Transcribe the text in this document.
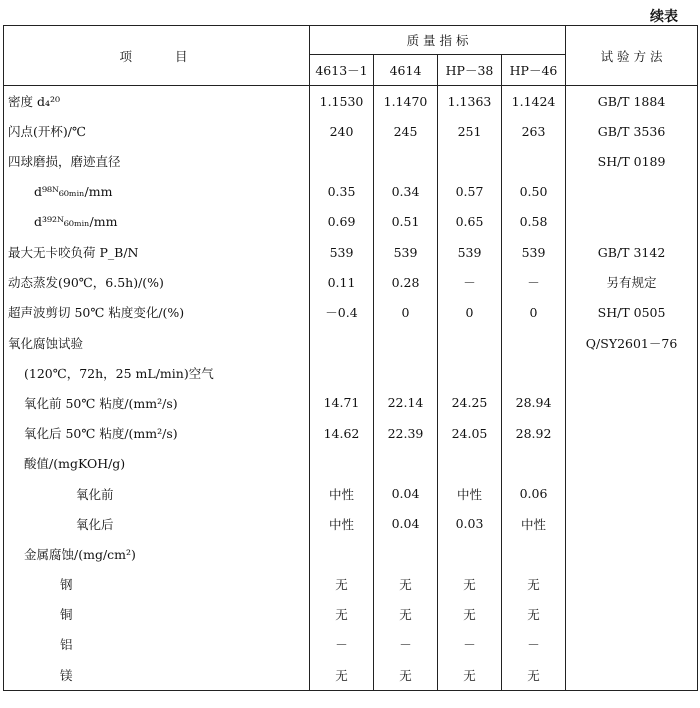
续表
项　　目	质 量 指 标				试 验 方 法
	4613－1	4614	HP－38	HP－46	
密度 d₄²⁰	1.1530	1.1470	1.1363	1.1424	GB/T 1884
闪点(开杯)/℃	240	245	251	263	GB/T 3536
四球磨损，磨迹直径					SH/T 0189
d⁹⁸ᴺ₆₀ₘᵢₙ/mm	0.35	0.34	0.57	0.50	
d³⁹²ᴺ₆₀ₘᵢₙ/mm	0.69	0.51	0.65	0.58	
最大无卡咬负荷 P_B/N	539	539	539	539	GB/T 3142
动态蒸发(90℃，6.5h)/(%)	0.11	0.28	－	－	另有规定
超声波剪切 50℃ 粘度变化/(%)	－0.4	0	0	0	SH/T 0505
氧化腐蚀试验					Q/SY2601－76
(120℃，72h，25 mL/min)空气					
氧化前 50℃ 粘度/(mm²/s)	14.71	22.14	24.25	28.94	
氧化后 50℃ 粘度/(mm²/s)	14.62	22.39	24.05	28.92	
酸值/(mgKOH/g)					
氧化前	中性	0.04	中性	0.06	
氧化后	中性	0.04	0.03	中性	
金属腐蚀/(mg/cm²)					
钢	无	无	无	无	
铜	无	无	无	无	
铝	－	－	－	－	
镁	无	无	无	无	
